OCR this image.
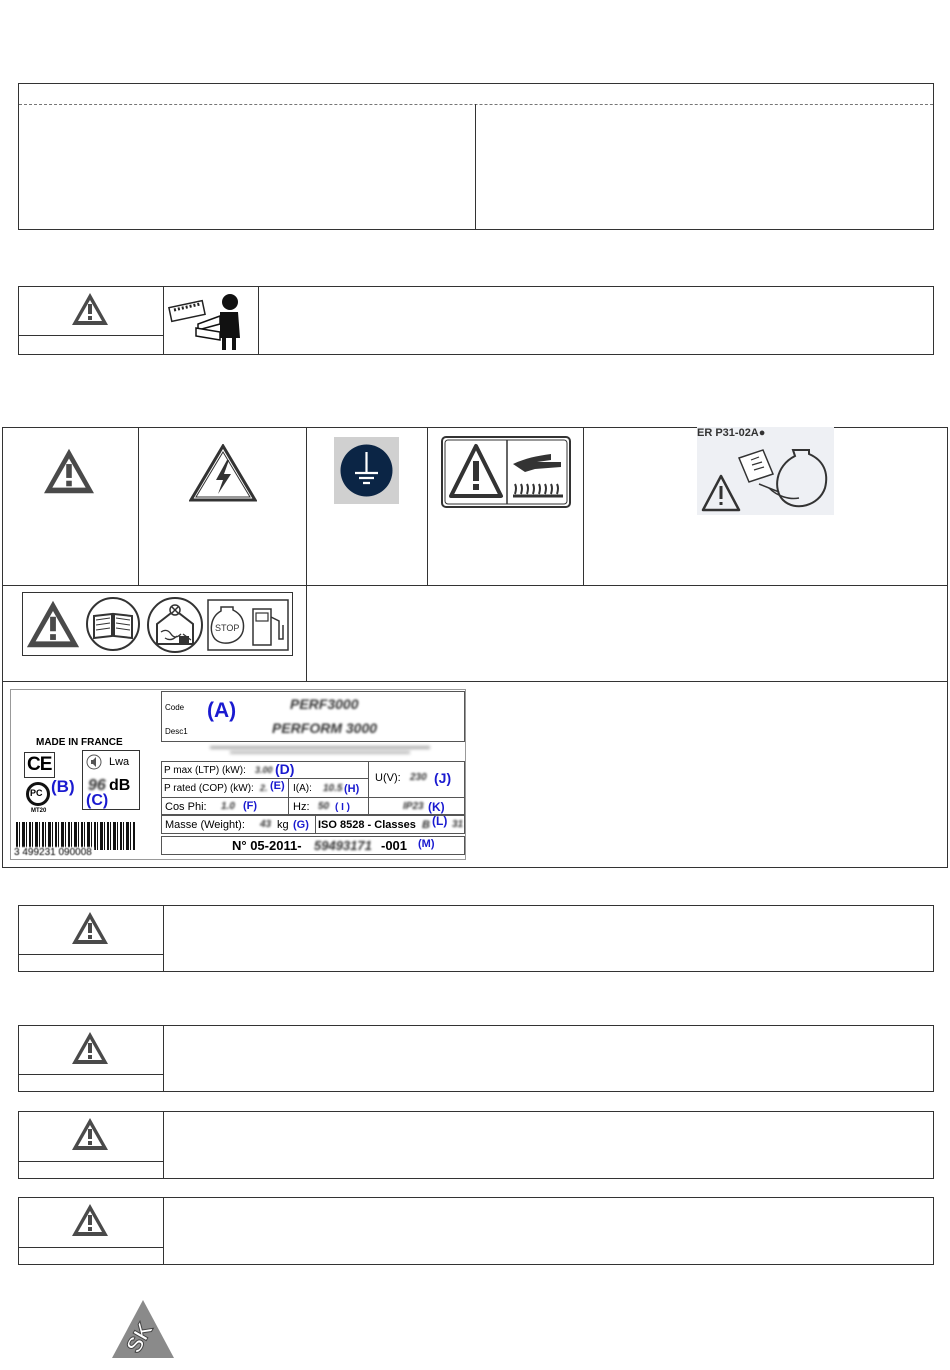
ER P31-02A●
STOP
MADE IN FRANCE
CE
PC (B)
MT20
Lwa
96 dB
(C)
3 499231 090008
Code (A)	PERF3000
Desc1	PERFORM 3000
P max (LTP) (kW): 3.00 (D)
P rated (COP) (kW): 2. (E) I(A): 10.5 (H)
U(V): 230 (J)
Cos Phi: 1.0 (F)	Hz: 50 ( I )	IP23 (K)
Masse (Weight): 43 kg (G) ISO 8528 - Classes B (L) 31
N° 05-2011- 59493171 -001 (M)
SK
